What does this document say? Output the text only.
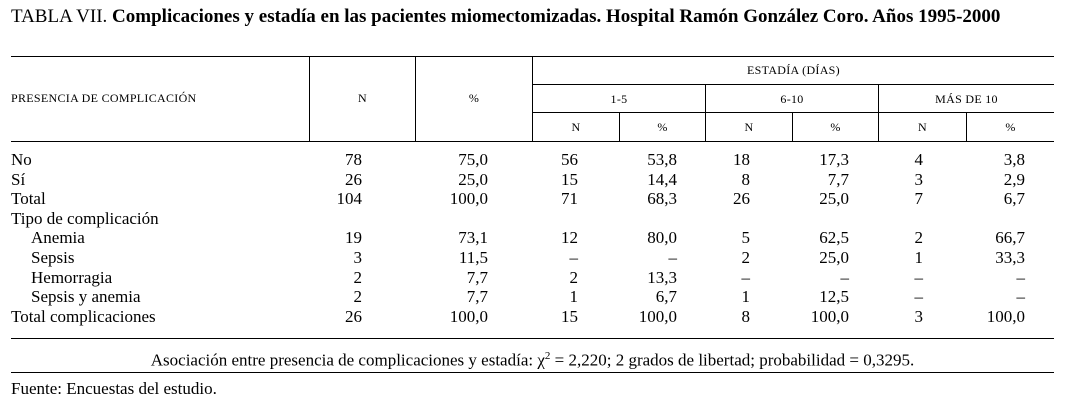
TABLA VII. Complicaciones y estadía en las pacientes miomectomizadas. Hospital Ramón González Coro. Años 1995-2000
PRESENCIA DE COMPLICACIÓN	N	%
ESTADÍA (DÍAS)
1-5	6-10	MÁS DE 10
N	%	N	%	N	%
No	78	75,0	56	53,8	18	17,3	4	3,8
Sí	26	25,0	15	14,4	8	7,7	3	2,9
Total	104	100,0	71	68,3	26	25,0	7	6,7
Tipo de complicación
Anemia	19	73,1	12	80,0	5	62,5	2	66,7
Sepsis	3	11,5	–	–	2	25,0	1	33,3
Hemorragia	2	7,7	2	13,3	–	–	–	–
Sepsis y anemia	2	7,7	1	6,7	1	12,5	–	–
Total complicaciones	26	100,0	15	100,0	8	100,0	3	100,0
Asociación entre presencia de complicaciones y estadía: $\chi^2 = 2,220$; 2 grados de libertad; probabilidad = 0,3295.
Fuente: Encuestas del estudio.
